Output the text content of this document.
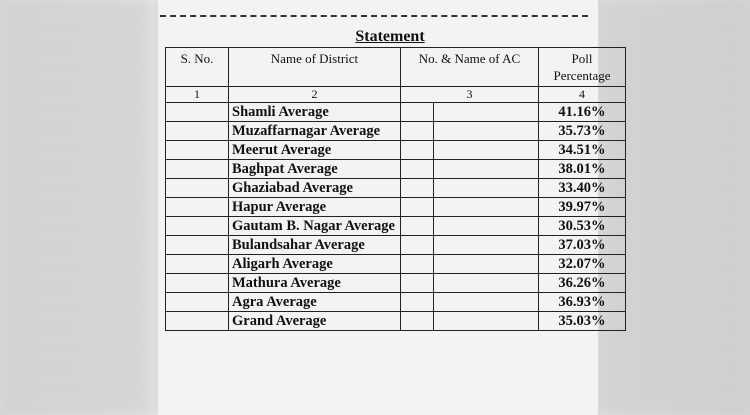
Statement
S. No.	Name of District	No. & Name of AC		Poll Percentage
1	2	3		4
	Shamli Average			41.16%
	Muzaffarnagar Average			35.73%
	Meerut Average			34.51%
	Baghpat Average			38.01%
	Ghaziabad Average			33.40%
	Hapur Average			39.97%
	Gautam B. Nagar Average			30.53%
	Bulandsahar Average			37.03%
	Aligarh Average			32.07%
	Mathura Average			36.26%
	Agra Average			36.93%
	Grand Average			35.03%
